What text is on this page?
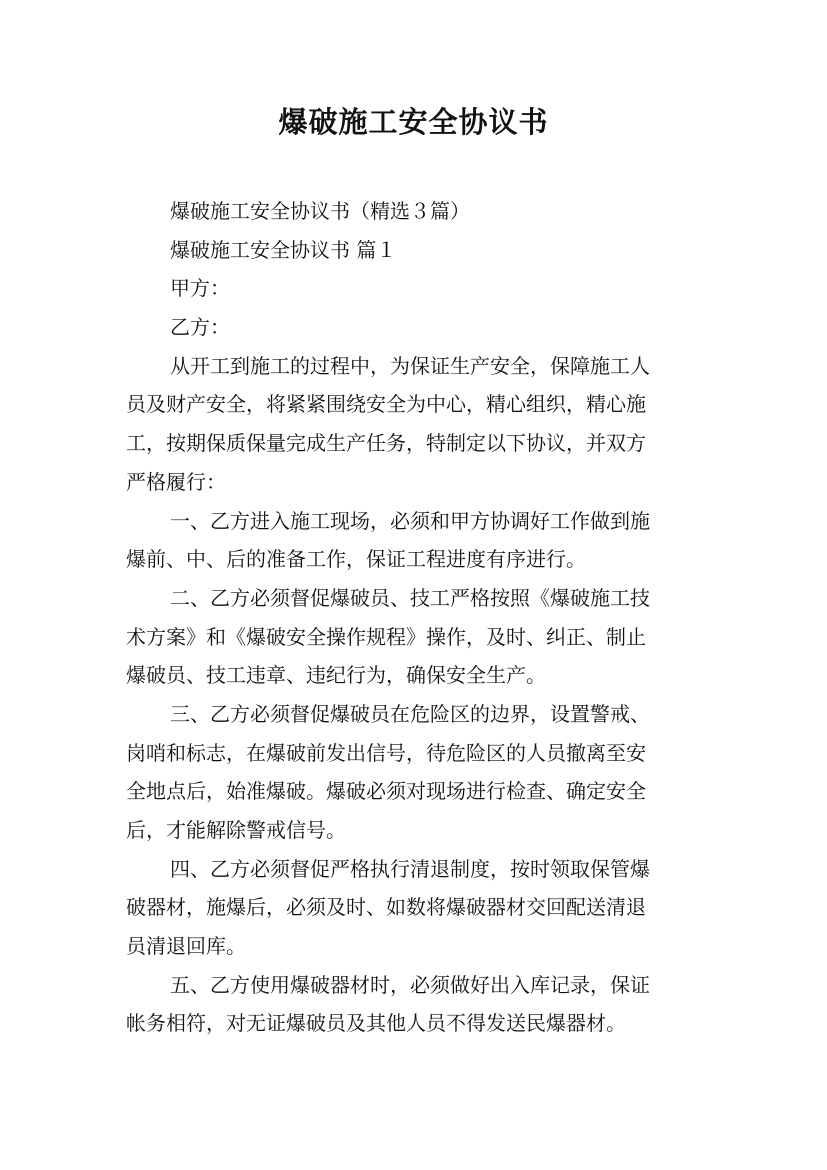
爆破施工安全协议书
爆破施工安全协议书（精选３篇）
爆破施工安全协议书 篇１
甲方：
乙方：
从开工到施工的过程中，为保证生产安全，保障施工人
员及财产安全，将紧紧围绕安全为中心，精心组织，精心施
工，按期保质保量完成生产任务，特制定以下协议，并双方
严格履行：
一、乙方进入施工现场，必须和甲方协调好工作做到施
爆前、中、后的准备工作，保证工程进度有序进行。
二、乙方必须督促爆破员、技工严格按照《爆破施工技
术方案》和《爆破安全操作规程》操作，及时、纠正、制止
爆破员、技工违章、违纪行为，确保安全生产。
三、乙方必须督促爆破员在危险区的边界，设置警戒、
岗哨和标志，在爆破前发出信号，待危险区的人员撤离至安
全地点后，始准爆破。爆破必须对现场进行检查、确定安全
后，才能解除警戒信号。
四、乙方必须督促严格执行清退制度，按时领取保管爆
破器材，施爆后，必须及时、如数将爆破器材交回配送清退
员清退回库。
五、乙方使用爆破器材时，必须做好出入库记录，保证
帐务相符，对无证爆破员及其他人员不得发送民爆器材。
